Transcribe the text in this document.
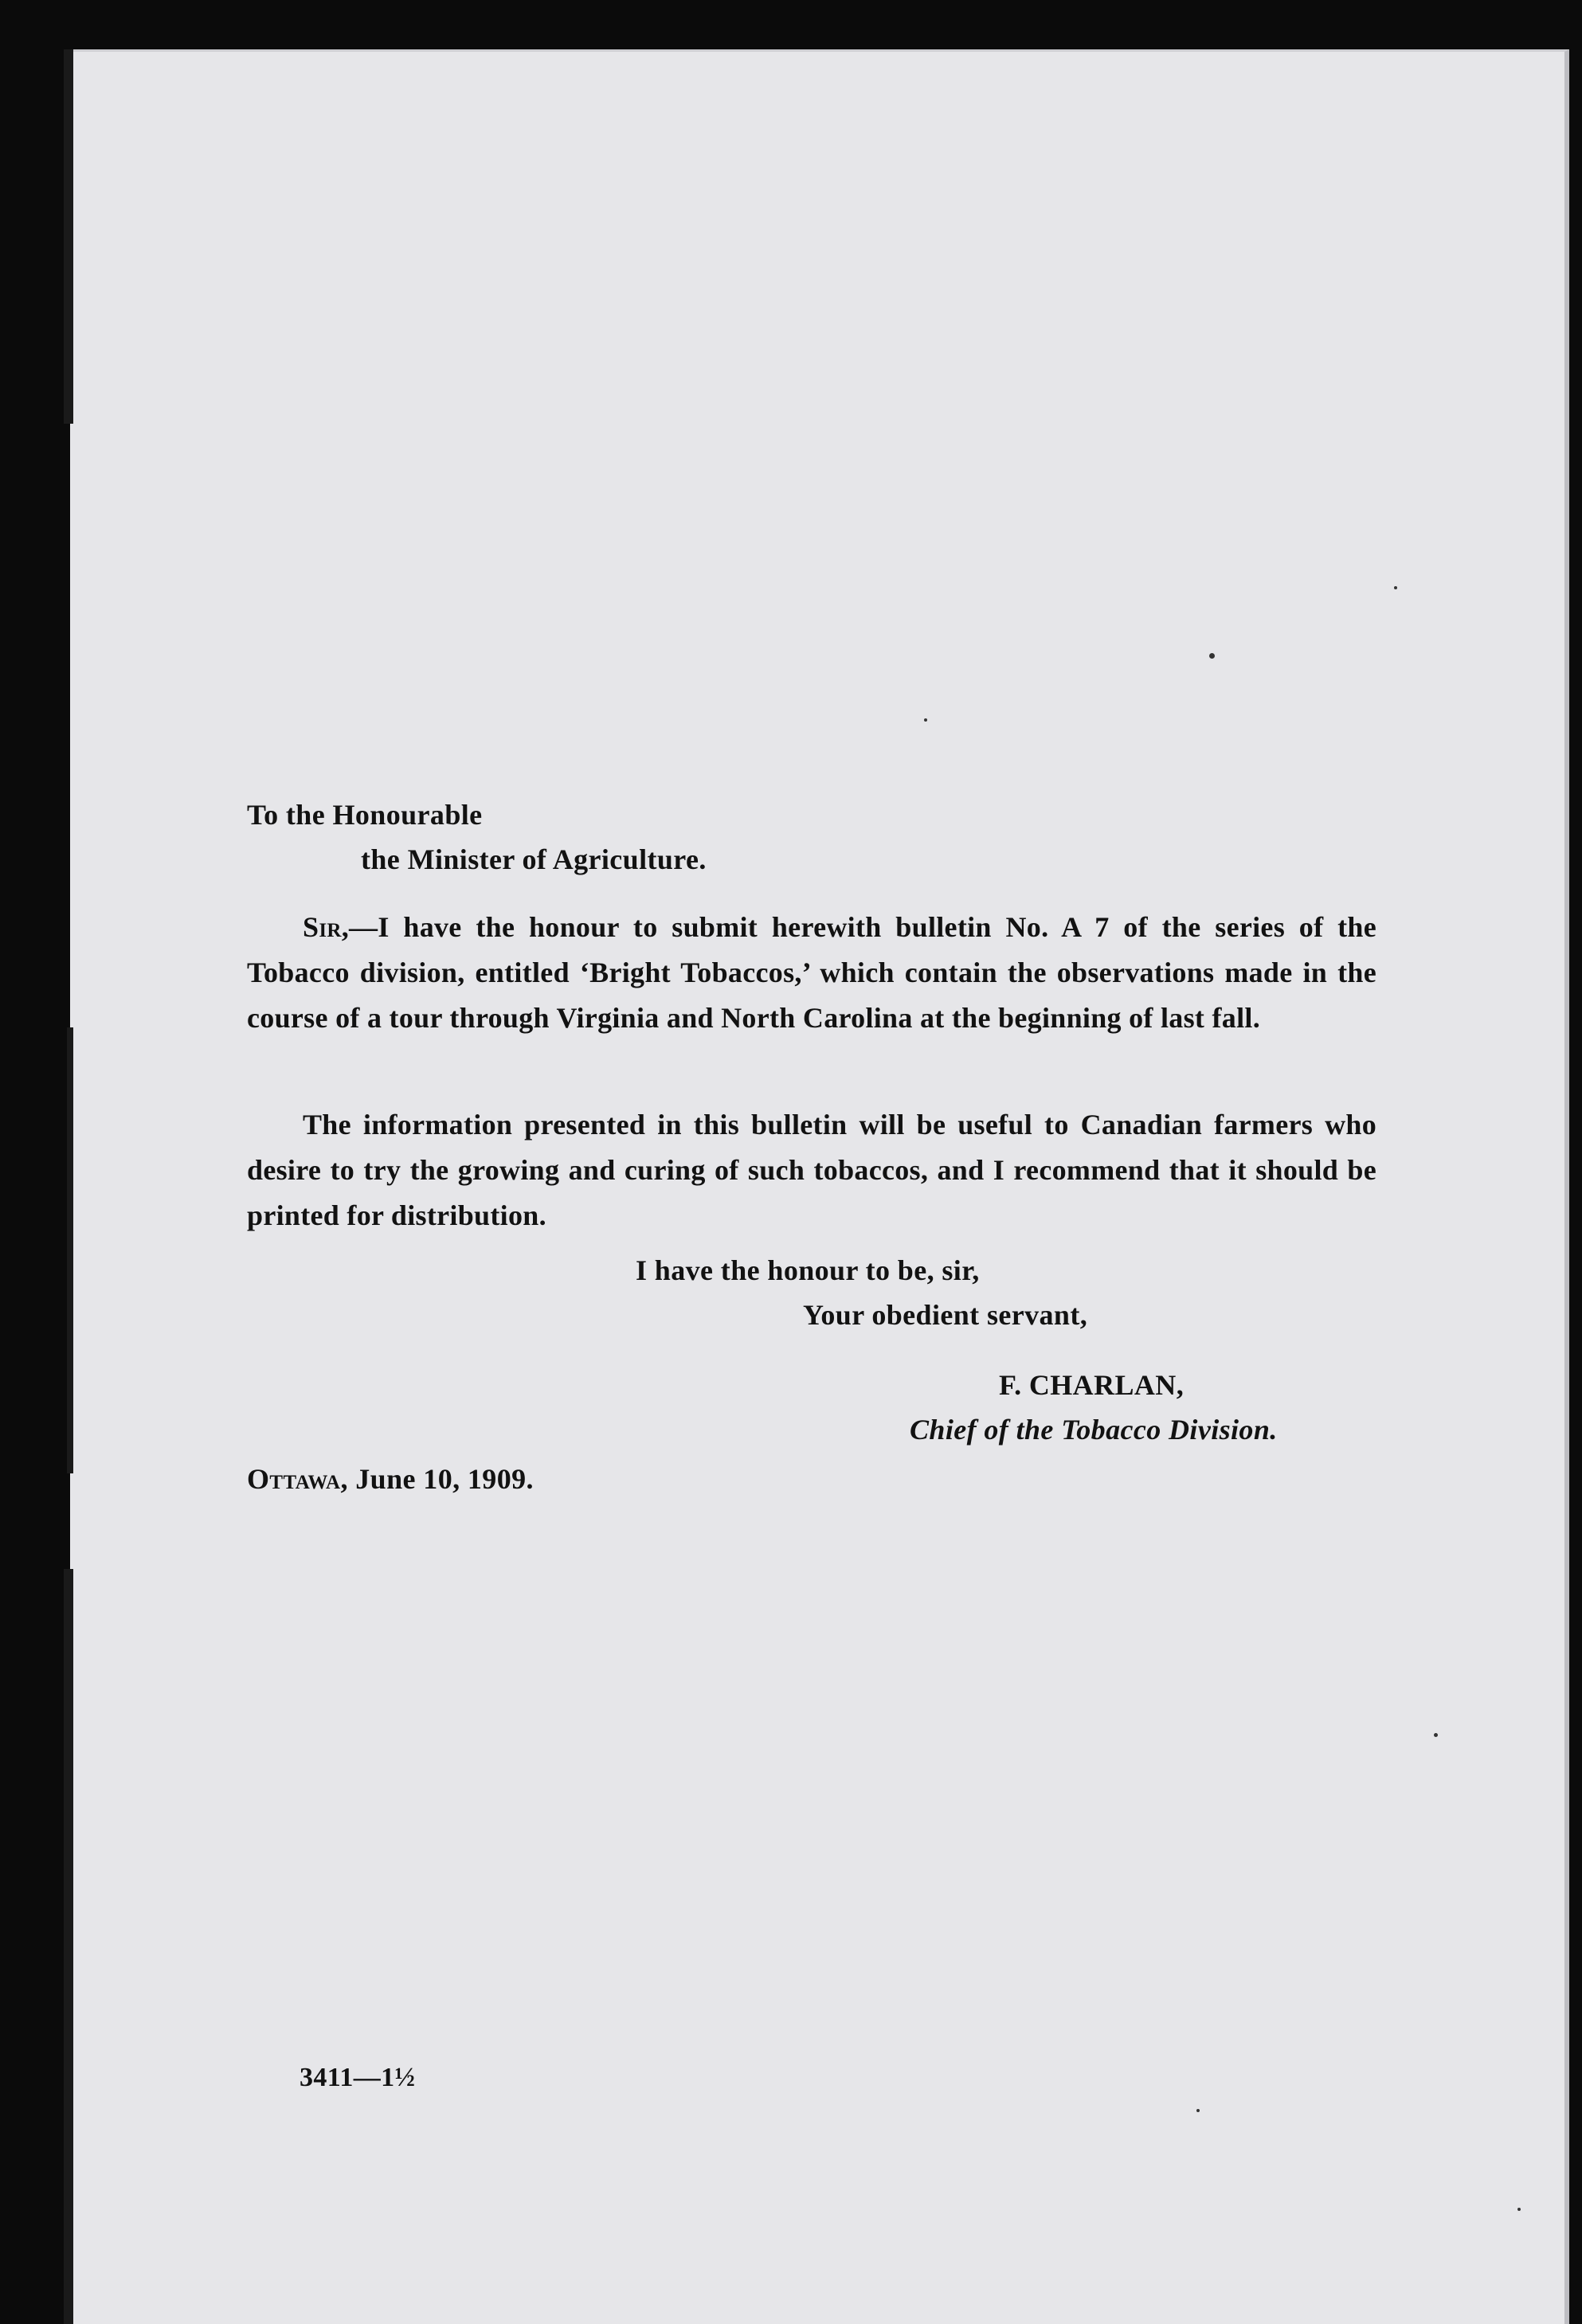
To the Honourable
the Minister of Agriculture.
Sir,—I have the honour to submit herewith bulletin No. A 7 of the series of the Tobacco division, entitled ‘Bright Tobaccos,’ which contain the observations made in the course of a tour through Virginia and North Carolina at the beginning of last fall.
The information presented in this bulletin will be useful to Canadian farmers who desire to try the growing and curing of such tobaccos, and I recommend that it should be printed for distribution.
I have the honour to be, sir,
Your obedient servant,
F. CHARLAN,
Chief of the Tobacco Division.
Ottawa, June 10, 1909.
3411—1½
